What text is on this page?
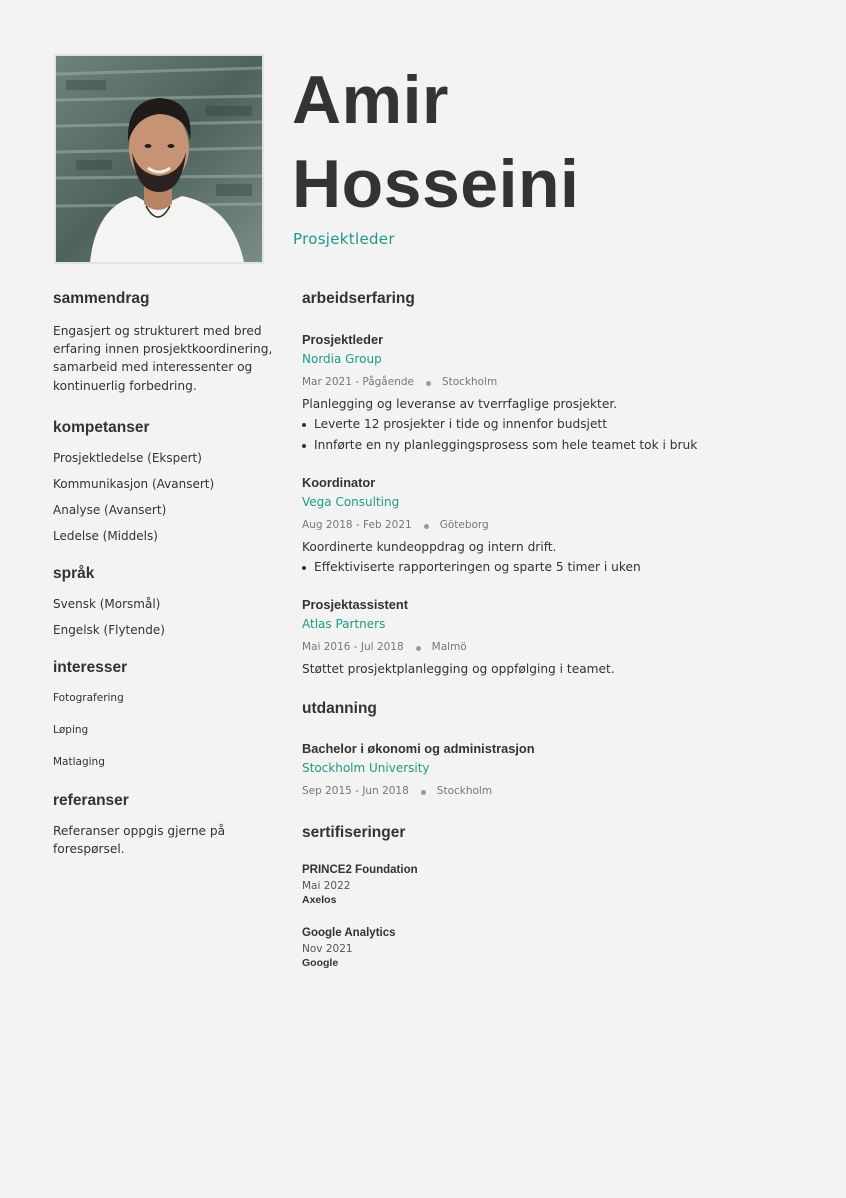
Amir
Hosseini
Prosjektleder
sammendrag
Engasjert og strukturert med bred erfaring innen prosjektkoordinering, samarbeid med interessenter og kontinuerlig forbedring.
kompetanser
Prosjektledelse (Ekspert)
Kommunikasjon (Avansert)
Analyse (Avansert)
Ledelse (Middels)
språk
Svensk (Morsmål)
Engelsk (Flytende)
interesser
Fotografering
Løping
Matlaging
referanser
Referanser oppgis gjerne på forespørsel.
arbeidserfaring
Prosjektleder
Nordia Group
Mar 2021 - Pågående	Stockholm
Planlegging og leveranse av tverrfaglige prosjekter.
Leverte 12 prosjekter i tide og innenfor budsjett
Innførte en ny planleggingsprosess som hele teamet tok i bruk
Koordinator
Vega Consulting
Aug 2018 - Feb 2021	Göteborg
Koordinerte kundeoppdrag og intern drift.
Effektiviserte rapporteringen og sparte 5 timer i uken
Prosjektassistent
Atlas Partners
Mai 2016 - Jul 2018	Malmö
Støttet prosjektplanlegging og oppfølging i teamet.
utdanning
Bachelor i økonomi og administrasjon
Stockholm University
Sep 2015 - Jun 2018	Stockholm
sertifiseringer
PRINCE2 Foundation
Mai 2022
Axelos
Google Analytics
Nov 2021
Google
